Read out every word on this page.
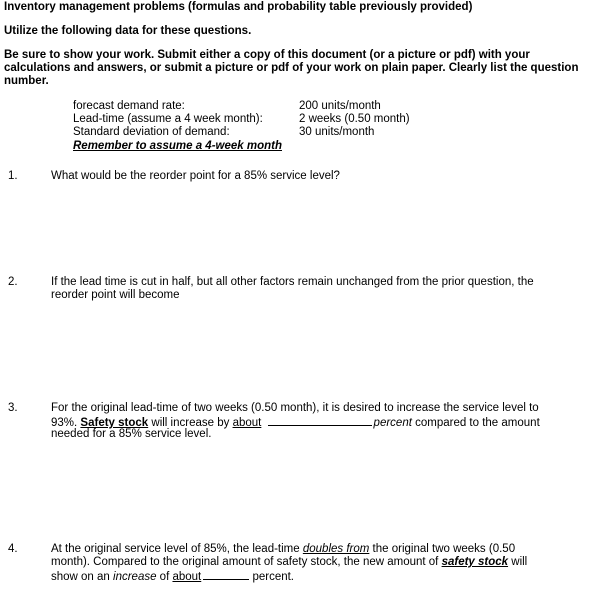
Inventory management problems (formulas and probability table previously provided)
Utilize the following data for these questions.
Be sure to show your work. Submit either a copy of this document (or a picture or pdf) with your calculations and answers, or submit a picture or pdf of your work on plain paper. Clearly list the question number.
forecast demand rate:	200 units/month
Lead-time (assume a 4 week month):	2 weeks (0.50 month)
Standard deviation of demand:	30 units/month
Remember to assume a 4-week month
1.	What would be the reorder point for a 85% service level?
2.	If the lead time is cut in half, but all other factors remain unchanged from the prior question, the
reorder point will become
3.	For the original lead-time of two weeks (0.50 month), it is desired to increase the service level to
93%. Safety stock will increase by about	percent compared to the amount
needed for a 85% service level.
4.	At the original service level of 85%, the lead-time doubles from the original two weeks (0.50
month). Compared to the original amount of safety stock, the new amount of safety stock will
show on an increase of about	percent.
